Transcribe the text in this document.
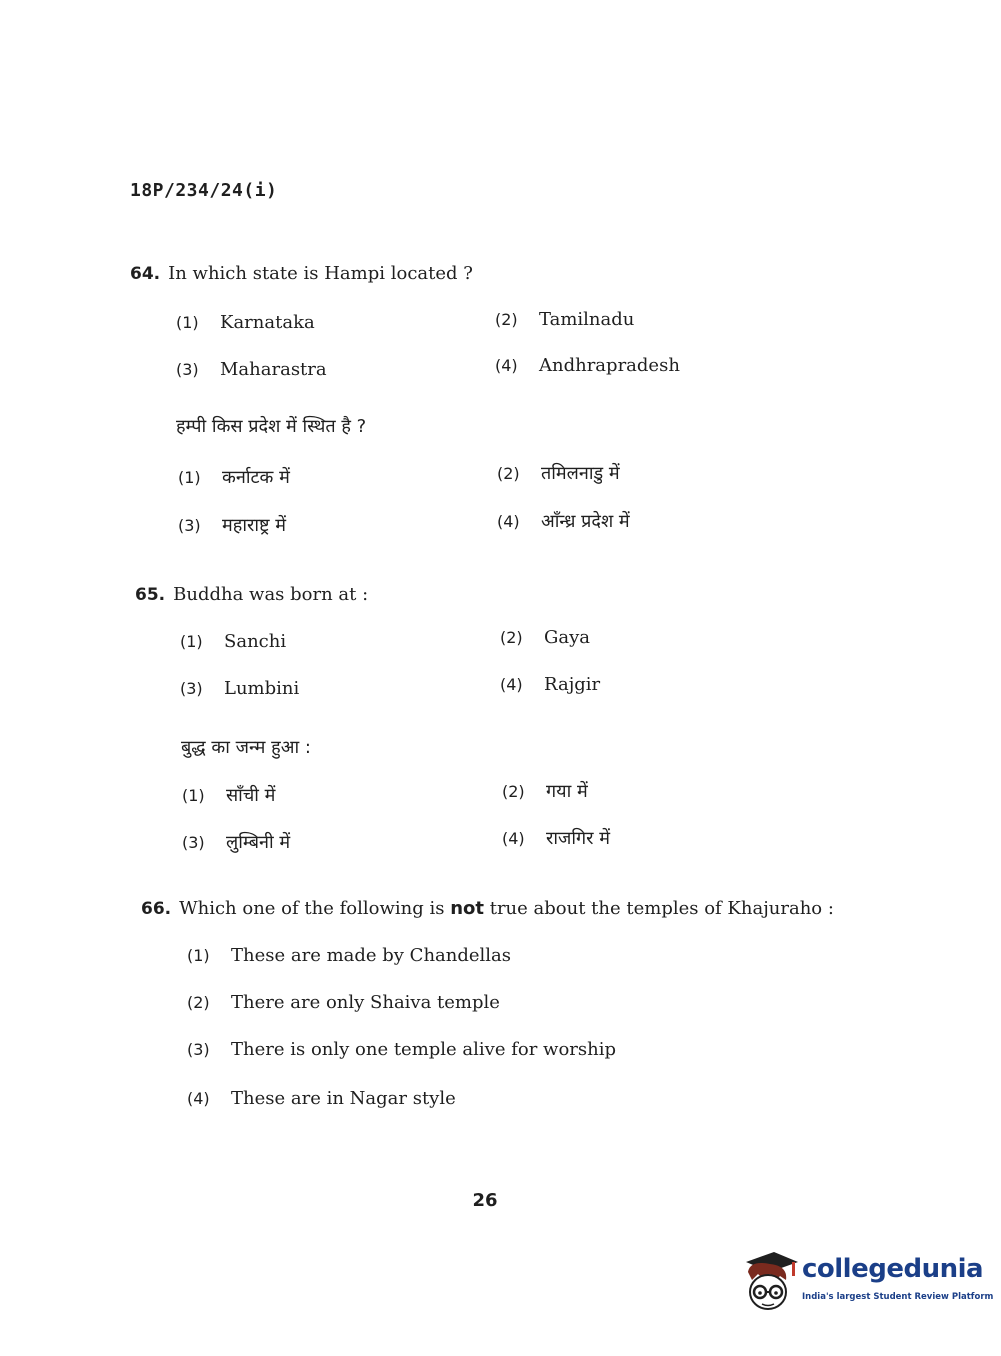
18P/234/24(i)
64. In which state is Hampi located ?
(1) Karnataka	(2) Tamilnadu
(3) Maharastra	(4) Andhrapradesh
हम्पी किस प्रदेश में स्थित है ?
(1) कर्नाटक में	(2) तमिलनाडु में
(3) महाराष्ट्र में	(4) आँन्ध्र प्रदेश में
65. Buddha was born at :
(1) Sanchi	(2) Gaya
(3) Lumbini	(4) Rajgir
बुद्ध का जन्म हुआ :
(1) साँची में	(2) गया में
(3) लुम्बिनी में	(4) राजगिर में
66. Which one of the following is not true about the temples of Khajuraho :
(1) These are made by Chandellas
(2) There are only Shaiva temple
(3) There is only one temple alive for worship
(4) These are in Nagar style
26
collegedunia
India's largest Student Review Platform
